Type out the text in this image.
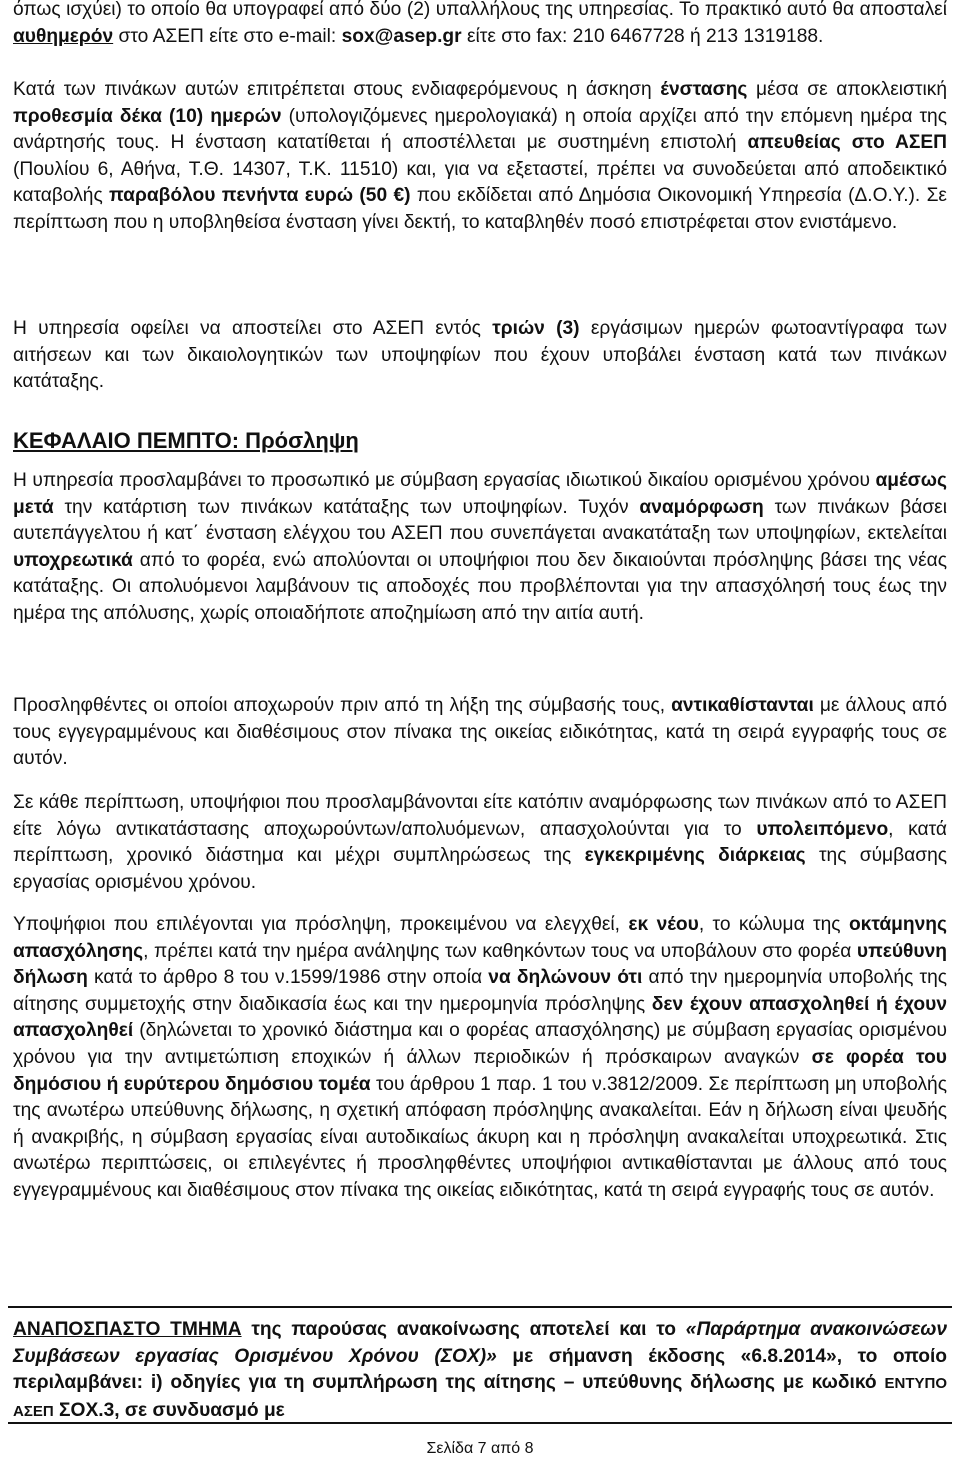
όπως ισχύει) το οποίο θα υπογραφεί από δύο (2) υπαλλήλους της υπηρεσίας. Το πρακτικό αυτό θα αποσταλεί αυθημερόν στο ΑΣΕΠ είτε στο e-mail: sox@asep.gr είτε στο fax: 210 6467728 ή 213 1319188.

Κατά των πινάκων αυτών επιτρέπεται στους ενδιαφερόμενους η άσκηση ένστασης μέσα σε αποκλειστική προθεσμία δέκα (10) ημερών (υπολογιζόμενες ημερολογιακά) η οποία αρχίζει από την επόμενη ημέρα της ανάρτησής τους. Η ένσταση κατατίθεται ή αποστέλλεται με συστημένη επιστολή απευθείας στο ΑΣΕΠ (Πουλίου 6, Αθήνα, Τ.Θ. 14307, Τ.Κ. 11510) και, για να εξεταστεί, πρέπει να συνοδεύεται από αποδεικτικό καταβολής παραβόλου πενήντα ευρώ (50 €) που εκδίδεται από Δημόσια Οικονομική Υπηρεσία (Δ.Ο.Υ.). Σε περίπτωση που η υποβληθείσα ένσταση γίνει δεκτή, το καταβληθέν ποσό επιστρέφεται στον ενιστάμενο.

Η υπηρεσία οφείλει να αποστείλει στο ΑΣΕΠ εντός τριών (3) εργάσιμων ημερών φωτοαντίγραφα των αιτήσεων και των δικαιολογητικών των υποψηφίων που έχουν υποβάλει ένσταση κατά των πινάκων κατάταξης.

ΚΕΦΑΛΑΙΟ ΠΕΜΠΤΟ: Πρόσληψη

Η υπηρεσία προσλαμβάνει το προσωπικό με σύμβαση εργασίας ιδιωτικού δικαίου ορισμένου χρόνου αμέσως μετά την κατάρτιση των πινάκων κατάταξης των υποψηφίων. Τυχόν αναμόρφωση των πινάκων βάσει αυτεπάγγελτου ή κατ΄ ένσταση ελέγχου του ΑΣΕΠ που συνεπάγεται ανακατάταξη των υποψηφίων, εκτελείται υποχρεωτικά από το φορέα, ενώ απολύονται οι υποψήφιοι που δεν δικαιούνται πρόσληψης βάσει της νέας κατάταξης. Οι απολυόμενοι λαμβάνουν τις αποδοχές που προβλέπονται για την απασχόλησή τους έως την ημέρα της απόλυσης, χωρίς οποιαδήποτε αποζημίωση από την αιτία αυτή.

Προσληφθέντες οι οποίοι αποχωρούν πριν από τη λήξη της σύμβασής τους, αντικαθίστανται με άλλους από τους εγγεγραμμένους και διαθέσιμους στον πίνακα της οικείας ειδικότητας, κατά τη σειρά εγγραφής τους σε αυτόν.

Σε κάθε περίπτωση, υποψήφιοι που προσλαμβάνονται είτε κατόπιν αναμόρφωσης των πινάκων από το ΑΣΕΠ είτε λόγω αντικατάστασης αποχωρούντων/απολυόμενων, απασχολούνται για το υπολειπόμενο, κατά περίπτωση, χρονικό διάστημα και μέχρι συμπληρώσεως της εγκεκριμένης διάρκειας της σύμβασης εργασίας ορισμένου χρόνου.

Υποψήφιοι που επιλέγονται για πρόσληψη, προκειμένου να ελεγχθεί, εκ νέου, το κώλυμα της οκτάμηνης απασχόλησης, πρέπει κατά την ημέρα ανάληψης των καθηκόντων τους να υποβάλουν στο φορέα υπεύθυνη δήλωση κατά το άρθρο 8 του ν.1599/1986 στην οποία να δηλώνουν ότι από την ημερομηνία υποβολής της αίτησης συμμετοχής στην διαδικασία έως και την ημερομηνία πρόσληψης δεν έχουν απασχοληθεί ή έχουν απασχοληθεί (δηλώνεται το χρονικό διάστημα και ο φορέας απασχόλησης) με σύμβαση εργασίας ορισμένου χρόνου για την αντιμετώπιση εποχικών ή άλλων περιοδικών ή πρόσκαιρων αναγκών σε φορέα του δημόσιου ή ευρύτερου δημόσιου τομέα του άρθρου 1 παρ. 1 του ν.3812/2009. Σε περίπτωση μη υποβολής της ανωτέρω υπεύθυνης δήλωσης, η σχετική απόφαση πρόσληψης ανακαλείται. Εάν η δήλωση είναι ψευδής ή ανακριβής, η σύμβαση εργασίας είναι αυτοδικαίως άκυρη και η πρόσληψη ανακαλείται υποχρεωτικά. Στις ανωτέρω περιπτώσεις, οι επιλεγέντες ή προσληφθέντες υποψήφιοι αντικαθίστανται με άλλους από τους εγγεγραμμένους και διαθέσιμους στον πίνακα της οικείας ειδικότητας, κατά τη σειρά εγγραφής τους σε αυτόν.

ΑΝΑΠΟΣΠΑΣΤΟ ΤΜΗΜΑ της παρούσας ανακοίνωσης αποτελεί και το «Παράρτημα ανακοινώσεων Συμβάσεων εργασίας Ορισμένου Χρόνου (ΣΟΧ)» με σήμανση έκδοσης «6.8.2014», το οποίο περιλαμβάνει: i) οδηγίες για τη συμπλήρωση της αίτησης – υπεύθυνης δήλωσης με κωδικό ΕΝΤΥΠΟ ΑΣΕΠ ΣΟΧ.3, σε συνδυασμό με

Σελίδα 7 από 8
